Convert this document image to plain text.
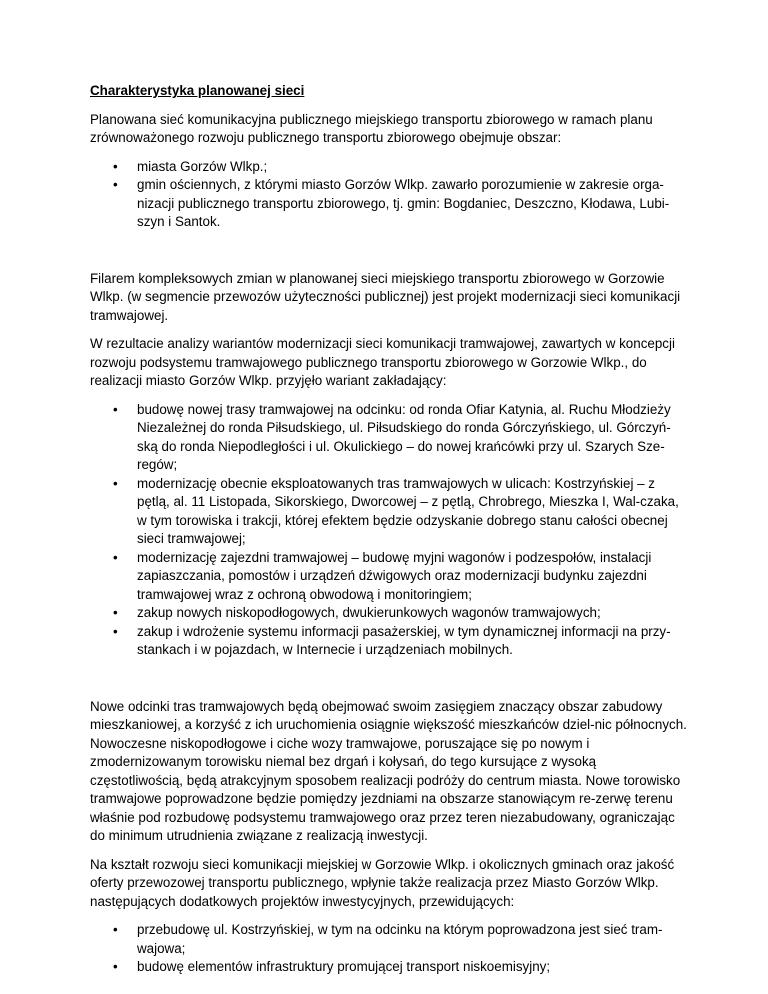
Charakterystyka planowanej sieci

Planowana sieć komunikacyjna publicznego miejskiego transportu zbiorowego w ramach planu zrównoważonego rozwoju publicznego transportu zbiorowego obejmuje obszar:

• miasta Gorzów Wlkp.;
• gmin ościennych, z którymi miasto Gorzów Wlkp. zawarło porozumienie w zakresie orga-nizacji publicznego transportu zbiorowego, tj. gmin: Bogdaniec, Deszczno, Kłodawa, Lubi-szyn i Santok.

Filarem kompleksowych zmian w planowanej sieci miejskiego transportu zbiorowego w Gorzowie Wlkp. (w segmencie przewozów użyteczności publicznej) jest projekt modernizacji sieci komunikacji tramwajowej.

W rezultacie analizy wariantów modernizacji sieci komunikacji tramwajowej, zawartych w koncepcji rozwoju podsystemu tramwajowego publicznego transportu zbiorowego w Gorzowie Wlkp., do realizacji miasto Gorzów Wlkp. przyjęło wariant zakładający:

• budowę nowej trasy tramwajowej na odcinku: od ronda Ofiar Katynia, al. Ruchu Młodzieży Niezależnej do ronda Piłsudskiego, ul. Piłsudskiego do ronda Górczyńskiego, ul. Górczyń-ską do ronda Niepodległości i ul. Okulickiego – do nowej krańcówki przy ul. Szarych Sze-regów;
• modernizację obecnie eksploatowanych tras tramwajowych w ulicach: Kostrzyńskiej – z pętlą, al. 11 Listopada, Sikorskiego, Dworcowej – z pętlą, Chrobrego, Mieszka I, Wal-czaka, w tym torowiska i trakcji, której efektem będzie odzyskanie dobrego stanu całości obecnej sieci tramwajowej;
• modernizację zajezdni tramwajowej – budowę myjni wagonów i podzespołów, instalacji zapiaszczania, pomostów i urządzeń dźwigowych oraz modernizacji budynku zajezdni tramwajowej wraz z ochroną obwodową i monitoringiem;
• zakup nowych niskopodłogowych, dwukierunkowych wagonów tramwajowych;
• zakup i wdrożenie systemu informacji pasażerskiej, w tym dynamicznej informacji na przy-stankach i w pojazdach, w Internecie i urządzeniach mobilnych.

Nowe odcinki tras tramwajowych będą obejmować swoim zasięgiem znaczący obszar zabudowy mieszkaniowej, a korzyść z ich uruchomienia osiągnie większość mieszkańców dziel-nic północnych. Nowoczesne niskopodłogowe i ciche wozy tramwajowe, poruszające się po nowym i zmodernizowanym torowisku niemal bez drgań i kołysań, do tego kursujące z wysoką częstotliwością, będą atrakcyjnym sposobem realizacji podróży do centrum miasta. Nowe torowisko tramwajowe poprowadzone będzie pomiędzy jezdniami na obszarze stanowiącym re-zerwę terenu właśnie pod rozbudowę podsystemu tramwajowego oraz przez teren niezabudowany, ograniczając do minimum utrudnienia związane z realizacją inwestycji.

Na kształt rozwoju sieci komunikacji miejskiej w Gorzowie Wlkp. i okolicznych gminach oraz jakość oferty przewozowej transportu publicznego, wpłynie także realizacja przez Miasto Gorzów Wlkp. następujących dodatkowych projektów inwestycyjnych, przewidujących:

• przebudowę ul. Kostrzyńskiej, w tym na odcinku na którym poprowadzona jest sieć tram-wajowa;
• budowę elementów infrastruktury promującej transport niskoemisyjny;
